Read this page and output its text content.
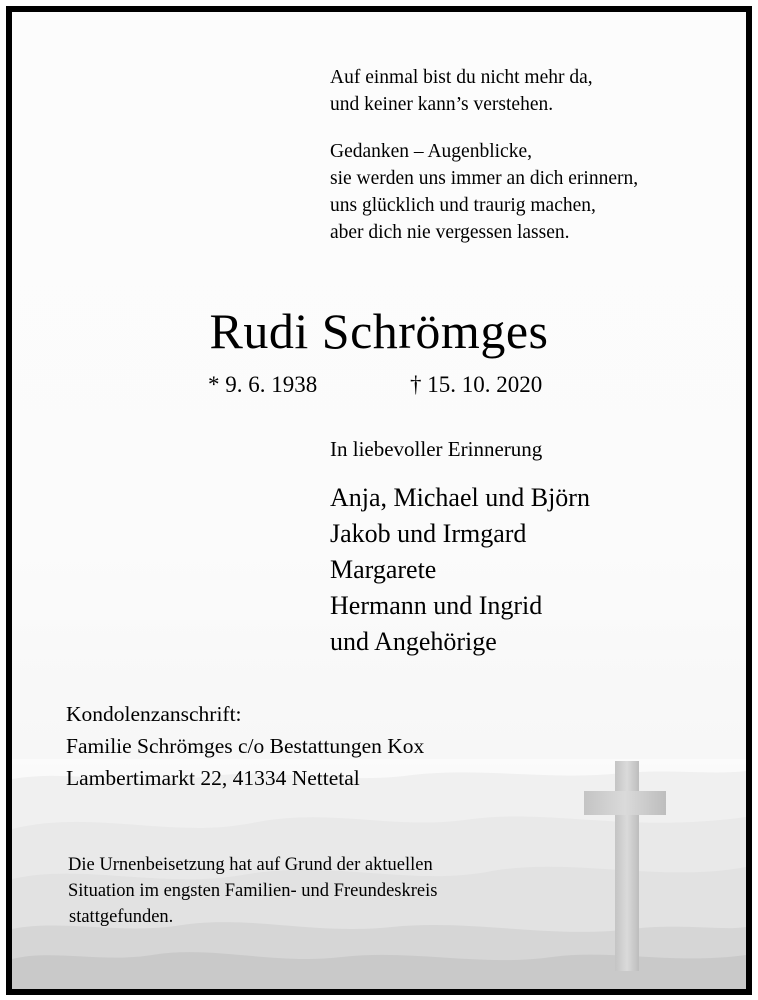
Auf einmal bist du nicht mehr da,
und keiner kann’s verstehen.
Gedanken – Augenblicke,
sie werden uns immer an dich erinnern,
uns glücklich und traurig machen,
aber dich nie vergessen lassen.
Rudi Schrömges
* 9. 6. 1938	† 15. 10. 2020
In liebevoller Erinnerung
Anja, Michael und Björn
Jakob und Irmgard
Margarete
Hermann und Ingrid
und Angehörige
Kondolenzanschrift:
Familie Schrömges c/o Bestattungen Kox
Lambertimarkt 22, 41334 Nettetal
Die Urnenbeisetzung hat auf Grund der aktuellen
Situation im engsten Familien- und Freundeskreis
stattgefunden.
